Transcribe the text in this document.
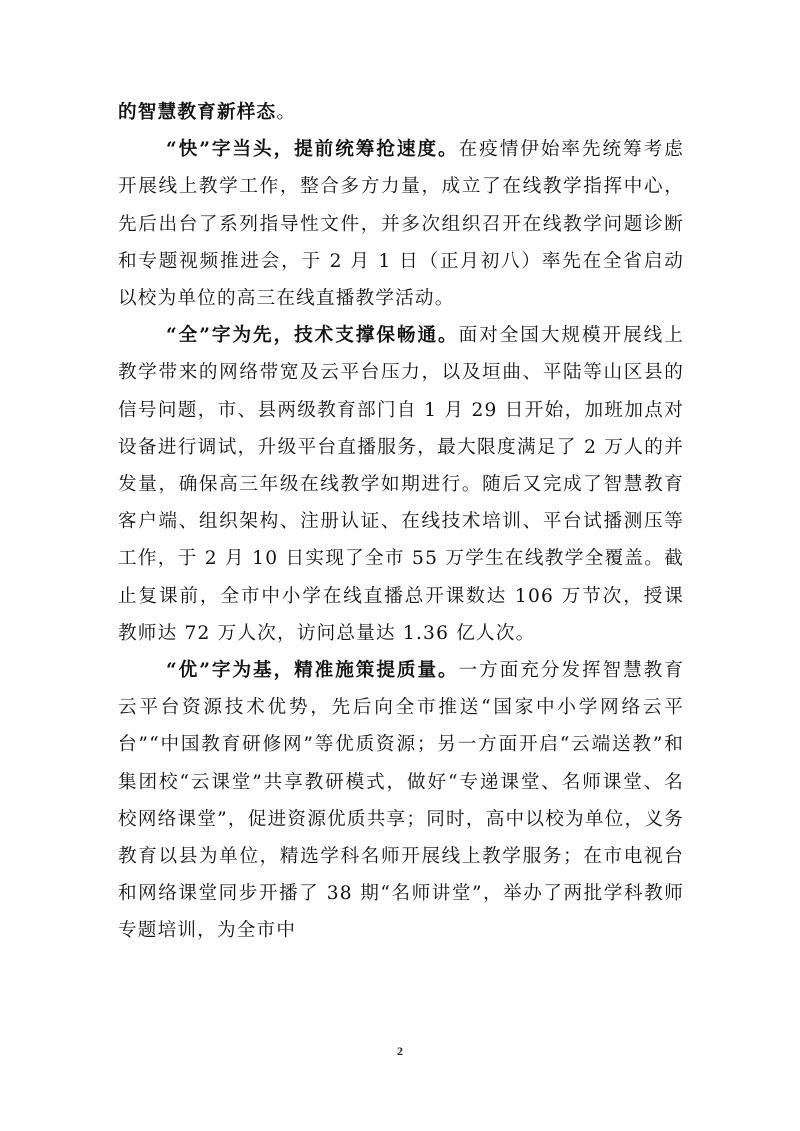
的智慧教育新样态。

“快”字当头，提前统筹抢速度。在疫情伊始率先统筹考虑开展线上教学工作，整合多方力量，成立了在线教学指挥中心，先后出台了系列指导性文件，并多次组织召开在线教学问题诊断和专题视频推进会，于 2 月 1 日（正月初八）率先在全省启动以校为单位的高三在线直播教学活动。

“全”字为先，技术支撑保畅通。面对全国大规模开展线上教学带来的网络带宽及云平台压力，以及垣曲、平陆等山区县的信号问题，市、县两级教育部门自 1 月 29 日开始，加班加点对设备进行调试，升级平台直播服务，最大限度满足了 2 万人的并发量，确保高三年级在线教学如期进行。随后又完成了智慧教育客户端、组织架构、注册认证、在线技术培训、平台试播测压等工作，于 2 月 10 日实现了全市 55 万学生在线教学全覆盖。截止复课前，全市中小学在线直播总开课数达 106 万节次，授课教师达 72 万人次，访问总量达 1.36 亿人次。

“优”字为基，精准施策提质量。一方面充分发挥智慧教育云平台资源技术优势，先后向全市推送“国家中小学网络云平台”“中国教育研修网”等优质资源；另一方面开启“云端送教”和集团校“云课堂”共享教研模式，做好“专递课堂、名师课堂、名校网络课堂”，促进资源优质共享；同时，高中以校为单位，义务教育以县为单位，精选学科名师开展线上教学服务；在市电视台和网络课堂同步开播了 38 期“名师讲堂”，举办了两批学科教师专题培训，为全市中

2
